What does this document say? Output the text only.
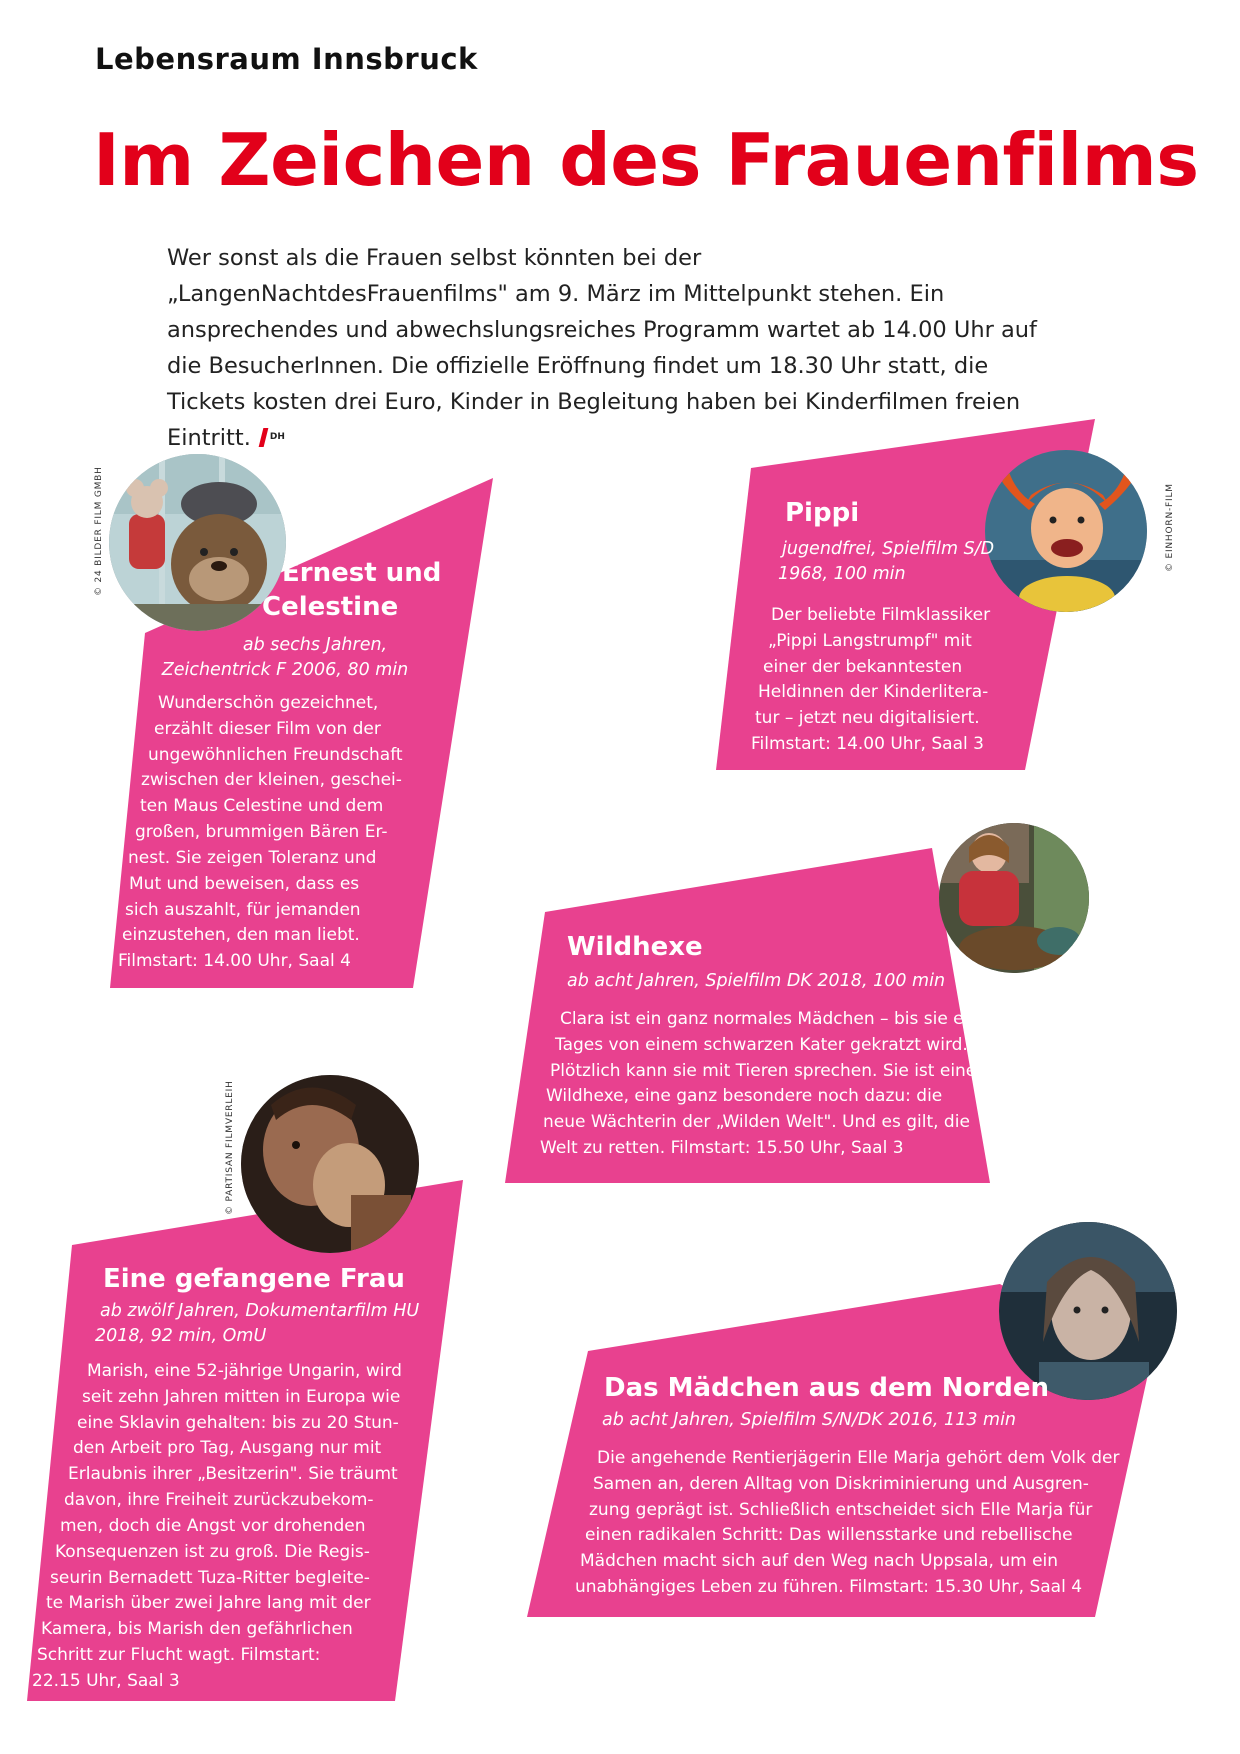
Lebensraum Innsbruck
Im Zeichen des Frauenfilms

Wer sonst als die Frauen selbst könnten bei der „LangenNachtdesFrauenfilms" am 9. März im Mittelpunkt stehen. Ein ansprechendes und abwechslungsreiches Programm wartet ab 14.00 Uhr auf die BesucherInnen. Die offizielle Eröffnung findet um 18.30 Uhr statt, die Tickets kosten drei Euro, Kinder in Begleitung haben bei Kinderfilmen freien Eintritt. $^{DH}$

© 24 BILDER FILM GMBH	Ernest und
Celestine
ab sechs Jahren,
Zeichentrick F 2006, 80 min
Wunderschön gezeichnet,
erzählt dieser Film von der
ungewöhnlichen Freundschaft
zwischen der kleinen, geschei-
ten Maus Celestine und dem
großen, brummigen Bären Er-
nest. Sie zeigen Toleranz und
Mut und beweisen, dass es
sich auszahlt, für jemanden
einzustehen, den man liebt.
Filmstart: 14.00 Uhr, Saal 4
© EINHORN-FILM
Pippi
jugendfrei, Spielfilm S/D
1968, 100 min
Der beliebte Filmklassiker
„Pippi Langstrumpf" mit
einer der bekanntesten
Heldinnen der Kinderlitera-
tur – jetzt neu digitalisiert.
Filmstart: 14.00 Uhr, Saal 3
Wildhexe
ab acht Jahren, Spielfilm DK 2018, 100 min
Clara ist ein ganz normales Mädchen – bis sie eines
Tages von einem schwarzen Kater gekratzt wird.
Plötzlich kann sie mit Tieren sprechen. Sie ist eine
Wildhexe, eine ganz besondere noch dazu: die
neue Wächterin der „Wilden Welt". Und es gilt, die
Welt zu retten. Filmstart: 15.50 Uhr, Saal 3
© PARTISAN FILMVERLEIH
Eine gefangene Frau
ab zwölf Jahren, Dokumentarfilm HU
2018, 92 min, OmU
Marish, eine 52-jährige Ungarin, wird
seit zehn Jahren mitten in Europa wie
eine Sklavin gehalten: bis zu 20 Stun-
den Arbeit pro Tag, Ausgang nur mit
Erlaubnis ihrer „Besitzerin". Sie träumt
davon, ihre Freiheit zurückzubekom-
men, doch die Angst vor drohenden
Konsequenzen ist zu groß. Die Regis-
seurin Bernadett Tuza-Ritter begleite-
te Marish über zwei Jahre lang mit der
Kamera, bis Marish den gefährlichen
Schritt zur Flucht wagt. Filmstart:
22.15 Uhr, Saal 3
Das Mädchen aus dem Norden
ab acht Jahren, Spielfilm S/N/DK 2016, 113 min
Die angehende Rentierjägerin Elle Marja gehört dem Volk der
Samen an, deren Alltag von Diskriminierung und Ausgren-
zung geprägt ist. Schließlich entscheidet sich Elle Marja für
einen radikalen Schritt: Das willensstarke und rebellische
Mädchen macht sich auf den Weg nach Uppsala, um ein
unabhängiges Leben zu führen. Filmstart: 15.30 Uhr, Saal 4
